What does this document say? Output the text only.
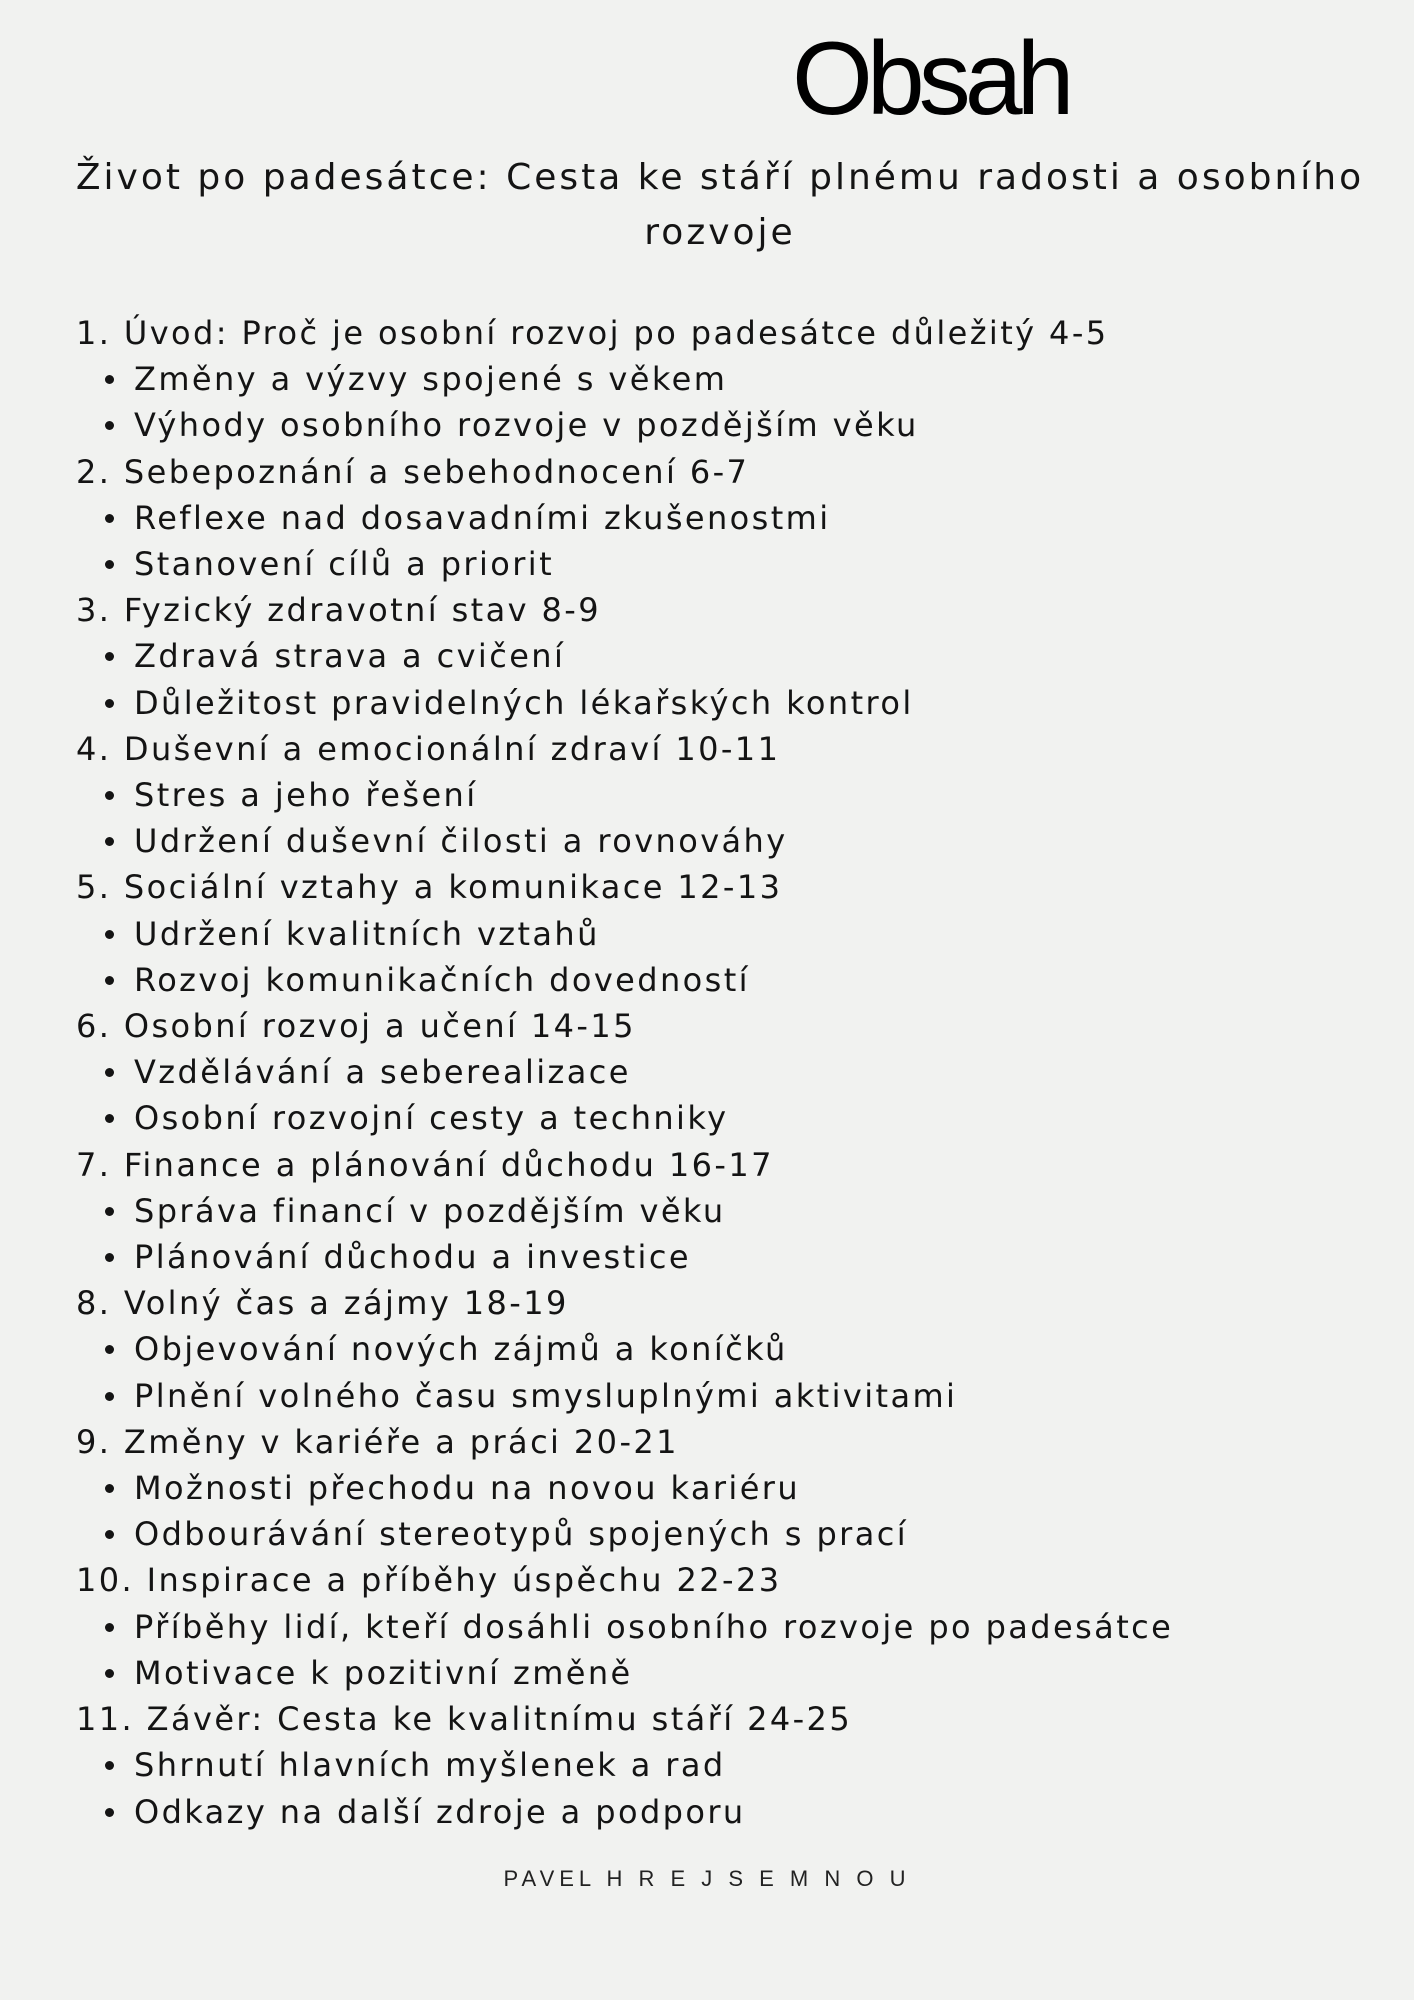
Obsah
Život po padesátce: Cesta ke stáří plnému radosti a osobního rozvoje
1. Úvod: Proč je osobní rozvoj po padesátce důležitý 4-5
Změny a výzvy spojené s věkem
Výhody osobního rozvoje v pozdějším věku
2. Sebepoznání a sebehodnocení 6-7
Reflexe nad dosavadními zkušenostmi
Stanovení cílů a priorit
3. Fyzický zdravotní stav 8-9
Zdravá strava a cvičení
Důležitost pravidelných lékařských kontrol
4. Duševní a emocionální zdraví 10-11
Stres a jeho řešení
Udržení duševní čilosti a rovnováhy
5. Sociální vztahy a komunikace 12-13
Udržení kvalitních vztahů
Rozvoj komunikačních dovedností
6. Osobní rozvoj a učení 14-15
Vzdělávání a seberealizace
Osobní rozvojní cesty a techniky
7. Finance a plánování důchodu 16-17
Správa financí v pozdějším věku
Plánování důchodu a investice
8. Volný čas a zájmy 18-19
Objevování nových zájmů a koníčků
Plnění volného času smysluplnými aktivitami
9. Změny v kariéře a práci 20-21
Možnosti přechodu na novou kariéru
Odbourávání stereotypů spojených s prací
10. Inspirace a příběhy úspěchu 22-23
Příběhy lidí, kteří dosáhli osobního rozvoje po padesátce
Motivace k pozitivní změně
11. Závěr: Cesta ke kvalitnímu stáří 24-25
Shrnutí hlavních myšlenek a rad
Odkazy na další zdroje a podporu
PAVEL H R E J S E M N O U
